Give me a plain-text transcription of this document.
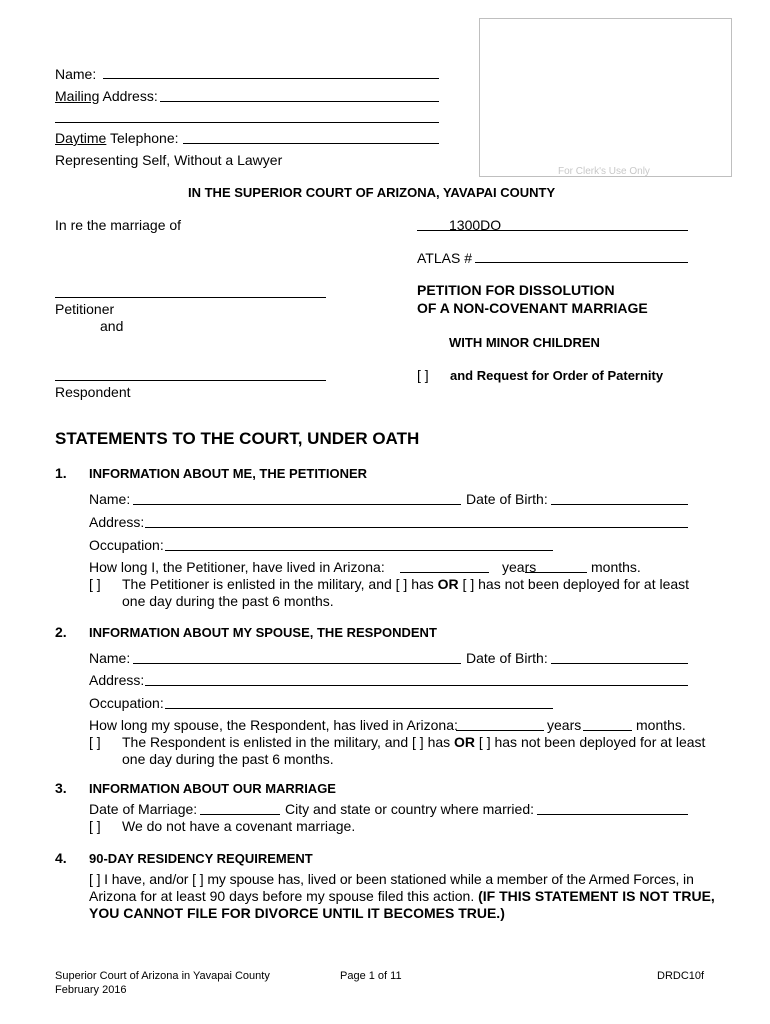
Name:
Mailing Address:
Daytime Telephone:
Representing Self, Without a Lawyer
For Clerk's Use Only
IN THE SUPERIOR COURT OF ARIZONA, YAVAPAI COUNTY
In re the marriage of	1300DO
ATLAS #
Petitioner
and
PETITION FOR DISSOLUTION
OF A NON-COVENANT MARRIAGE
WITH MINOR CHILDREN
[ ] and Request for Order of Paternity
Respondent
STATEMENTS TO THE COURT, UNDER OATH
1. INFORMATION ABOUT ME, THE PETITIONER
Name:	Date of Birth:
Address:
Occupation:
How long I, the Petitioner, have lived in Arizona:	years	months.
[ ] The Petitioner is enlisted in the military, and [ ] has OR [ ] has not been deployed for at least
one day during the past 6 months.
2. INFORMATION ABOUT MY SPOUSE, THE RESPONDENT
Name:	Date of Birth:
Address:
Occupation:
How long my spouse, the Respondent, has lived in Arizona:	years	months.
[ ] The Respondent is enlisted in the military, and [ ] has OR [ ] has not been deployed for at least
one day during the past 6 months.
3. INFORMATION ABOUT OUR MARRIAGE
Date of Marriage:	City and state or country where married:
[ ] We do not have a covenant marriage.
4. 90-DAY RESIDENCY REQUIREMENT
[ ] I have, and/or [ ] my spouse has, lived or been stationed while a member of the Armed Forces, in
Arizona for at least 90 days before my spouse filed this action. (IF THIS STATEMENT IS NOT TRUE,
YOU CANNOT FILE FOR DIVORCE UNTIL IT BECOMES TRUE.)
Superior Court of Arizona in Yavapai County
February 2016
Page 1 of 11	DRDC10f
